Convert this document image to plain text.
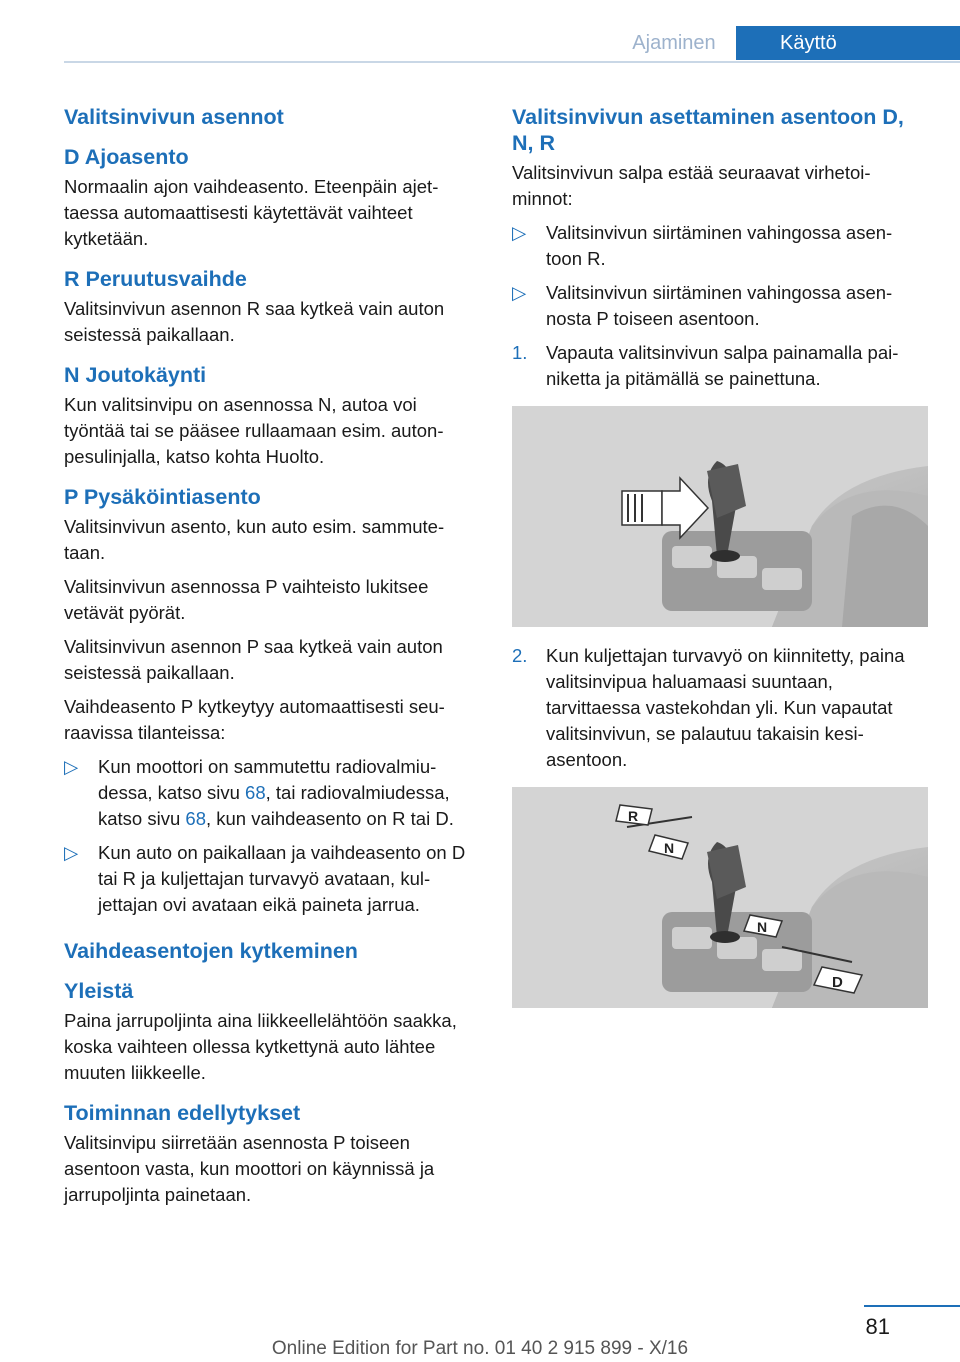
Ajaminen	Käyttö
Valitsinvivun asennot
D Ajoasento
Normaalin ajon vaihdeasento. Eteenpäin ajet‐ taessa automaattisesti käytettävät vaihteet kytketään.
R Peruutusvaihde
Valitsinvivun asennon R saa kytkeä vain auton seistessä paikallaan.
N Joutokäynti
Kun valitsinvipu on asennossa N, autoa voi työntää tai se pääsee rullaamaan esim. auton‐ pesulinjalla, katso kohta Huolto.
P Pysäköintiasento
Valitsinvivun asento, kun auto esim. sammute‐ taan.
Valitsinvivun asennossa P vaihteisto lukitsee vetävät pyörät.
Valitsinvivun asennon P saa kytkeä vain auton seistessä paikallaan.
Vaihdeasento P kytkeytyy automaattisesti seu‐ raavissa tilanteissa:
▷	Kun moottori on sammutettu radiovalmiu‐ dessa, katso sivu 68, tai radiovalmiudessa, katso sivu 68, kun vaihdeasento on R tai D.
▷	Kun auto on paikallaan ja vaihdeasento on D tai R ja kuljettajan turvavyö avataan, kul‐ jettajan ovi avataan eikä paineta jarrua.
Vaihdeasentojen kytkeminen
Yleistä
Paina jarrupoljinta aina liikkeellelähtöön saakka, koska vaihteen ollessa kytkettynä auto lähtee muuten liikkeelle.
Toiminnan edellytykset
Valitsinvipu siirretään asennosta P toiseen asentoon vasta, kun moottori on käynnissä ja jarrupoljinta painetaan.
Valitsinvivun asettaminen asentoon D, N, R
Valitsinvivun salpa estää seuraavat virhetoi‐ minnot:
▷	Valitsinvivun siirtäminen vahingossa asen‐ toon R.
▷	Valitsinvivun siirtäminen vahingossa asen‐ nosta P toiseen asentoon.
1.	Vapauta valitsinvivun salpa painamalla pai‐ niketta ja pitämällä se painettuna.
2.	Kun kuljettajan turvavyö on kiinnitetty, paina valitsinvipua haluamaasi suuntaan, tarvittaessa vastekohdan yli. Kun vapautat valitsinvivun, se palautuu takaisin kesi‐ asentoon.
R
N
N
D
81
Online Edition for Part no. 01 40 2 915 899 - X/16
